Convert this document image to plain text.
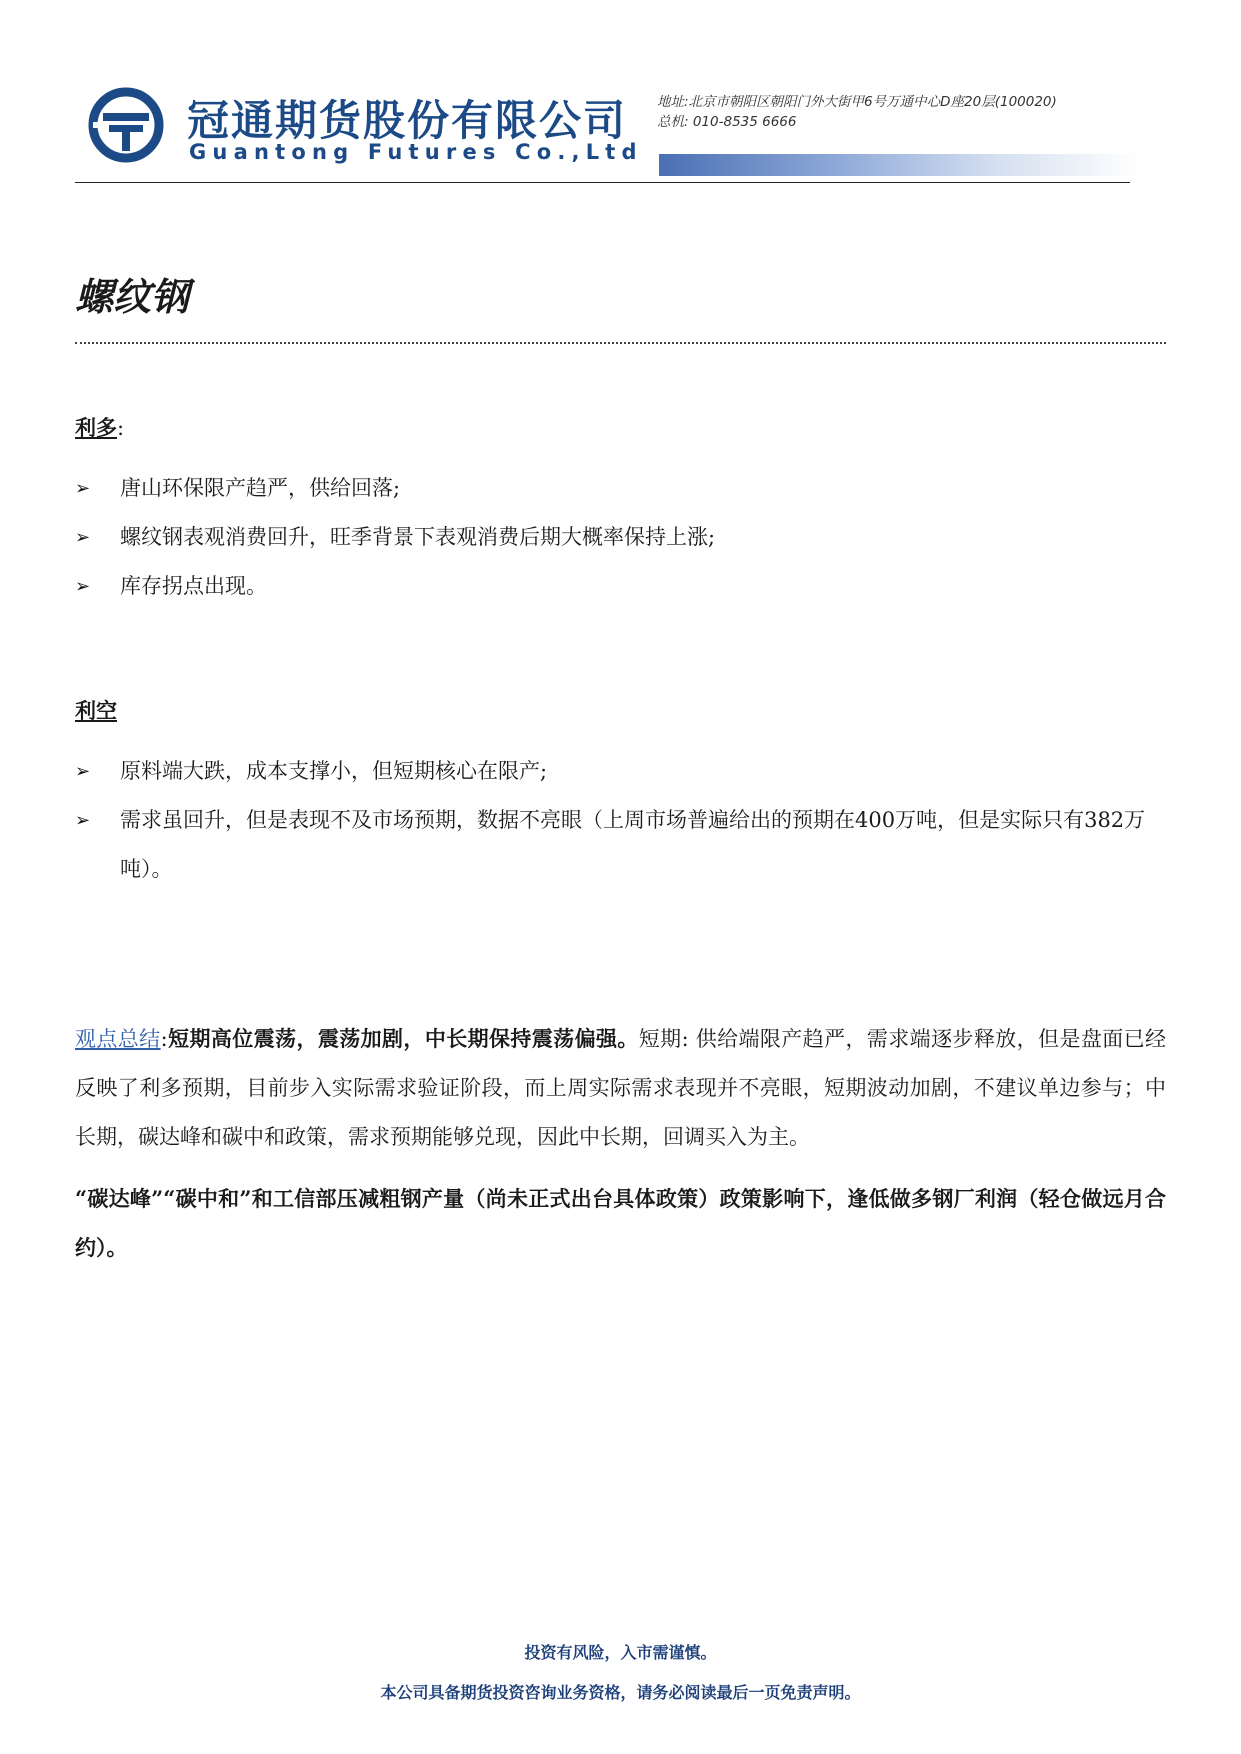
冠通期货股份有限公司
Guantong Futures Co.,Ltd
地址:北京市朝阳区朝阳门外大街甲6号万通中心D座20层(100020)
总机: 010-8535 6666
螺纹钢

利多:

➢	唐山环保限产趋严，供给回落;
➢	螺纹钢表观消费回升，旺季背景下表观消费后期大概率保持上涨;
➢	库存拐点出现。

利空

➢	原料端大跌，成本支撑小，但短期核心在限产;
➢	需求虽回升，但是表现不及市场预期，数据不亮眼（上周市场普遍给出的预期在400万吨，但是实际只有382万吨）。

观点总结:短期高位震荡，震荡加剧，中长期保持震荡偏强。短期: 供给端限产趋严，需求端逐步释放，但是盘面已经反映了利多预期，目前步入实际需求验证阶段，而上周实际需求表现并不亮眼，短期波动加剧，不建议单边参与；中长期，碳达峰和碳中和政策，需求预期能够兑现，因此中长期，回调买入为主。

“碳达峰”“碳中和”和工信部压减粗钢产量（尚未正式出台具体政策）政策影响下，逢低做多钢厂利润（轻仓做远月合约）。

投资有风险，入市需谨慎。
本公司具备期货投资咨询业务资格，请务必阅读最后一页免责声明。
